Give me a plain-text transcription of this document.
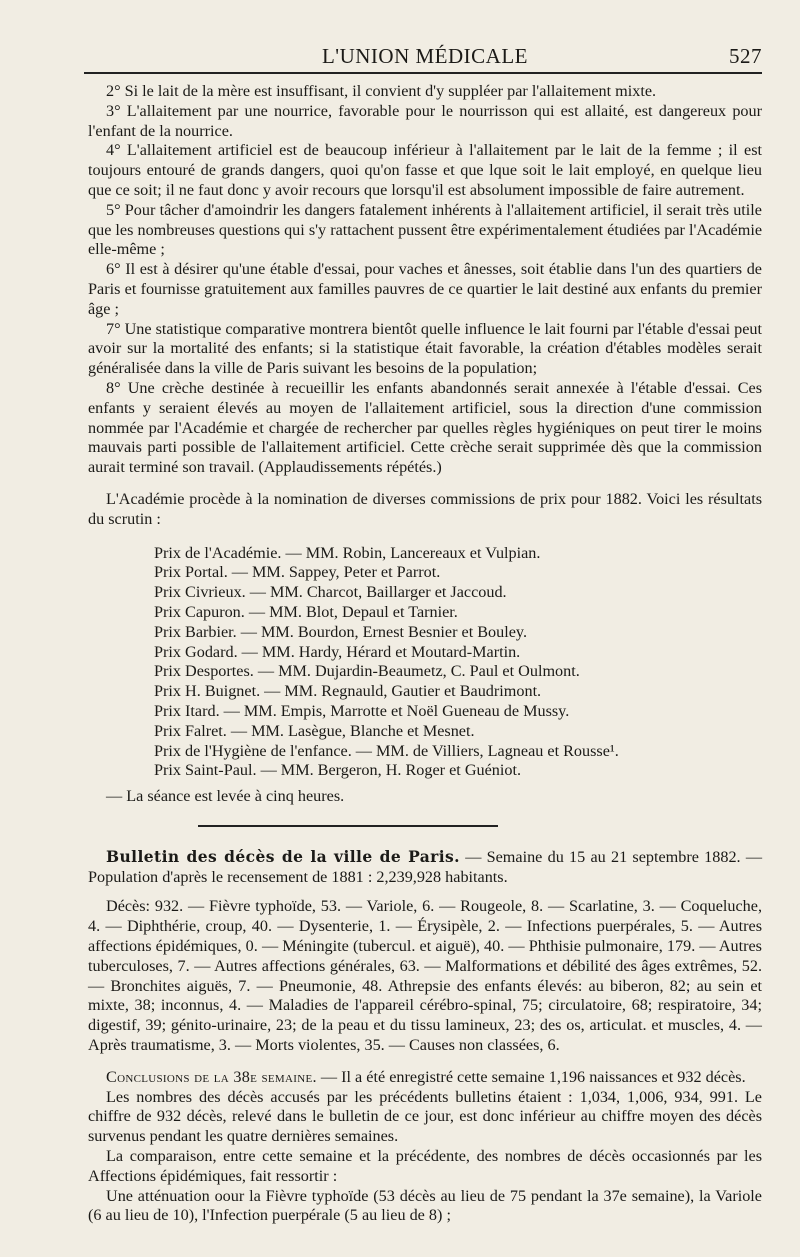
L'UNION MÉDICALE	527

2° Si le lait de la mère est insuffisant, il convient d'y suppléer par l'allaitement mixte.

3° L'allaitement par une nourrice, favorable pour le nourrisson qui est allaité, est dangereux pour l'enfant de la nourrice.

4° L'allaitement artificiel est de beaucoup inférieur à l'allaitement par le lait de la femme ; il est toujours entouré de grands dangers, quoi qu'on fasse et que lque soit le lait employé, en quelque lieu que ce soit; il ne faut donc y avoir recours que lorsqu'il est absolument impossible de faire autrement.

5° Pour tâcher d'amoindrir les dangers fatalement inhérents à l'allaitement artificiel, il serait très utile que les nombreuses questions qui s'y rattachent pussent être expérimentalement étudiées par l'Académie elle-même ;

6° Il est à désirer qu'une étable d'essai, pour vaches et ânesses, soit établie dans l'un des quartiers de Paris et fournisse gratuitement aux familles pauvres de ce quartier le lait destiné aux enfants du premier âge ;

7° Une statistique comparative montrera bientôt quelle influence le lait fourni par l'étable d'essai peut avoir sur la mortalité des enfants; si la statistique était favorable, la création d'étables modèles serait généralisée dans la ville de Paris suivant les besoins de la population;

8° Une crèche destinée à recueillir les enfants abandonnés serait annexée à l'étable d'essai. Ces enfants y seraient élevés au moyen de l'allaitement artificiel, sous la direction d'une commission nommée par l'Académie et chargée de rechercher par quelles règles hygiéniques on peut tirer le moins mauvais parti possible de l'allaitement artificiel. Cette crèche serait supprimée dès que la commission aurait terminé son travail. (Applaudissements répétés.)

L'Académie procède à la nomination de diverses commissions de prix pour 1882. Voici les résultats du scrutin :

Prix de l'Académie. — MM. Robin, Lancereaux et Vulpian.
Prix Portal. — MM. Sappey, Peter et Parrot.
Prix Civrieux. — MM. Charcot, Baillarger et Jaccoud.
Prix Capuron. — MM. Blot, Depaul et Tarnier.
Prix Barbier. — MM. Bourdon, Ernest Besnier et Bouley.
Prix Godard. — MM. Hardy, Hérard et Moutard-Martin.
Prix Desportes. — MM. Dujardin-Beaumetz, C. Paul et Oulmont.
Prix H. Buignet. — MM. Regnauld, Gautier et Baudrimont.
Prix Itard. — MM. Empis, Marrotte et Noël Gueneau de Mussy.
Prix Falret. — MM. Lasègue, Blanche et Mesnet.
Prix de l'Hygiène de l'enfance. — MM. de Villiers, Lagneau et Rousse¹.
Prix Saint-Paul. — MM. Bergeron, H. Roger et Guéniot.
— La séance est levée à cinq heures.

Bulletin des décès de la ville de Paris. — Semaine du 15 au 21 septembre 1882. — Population d'après le recensement de 1881 : 2,239,928 habitants.

Décès: 932. — Fièvre typhoïde, 53. — Variole, 6. — Rougeole, 8. — Scarlatine, 3. — Coqueluche, 4. — Diphthérie, croup, 40. — Dysenterie, 1. — Érysipèle, 2. — Infections puerpérales, 5. — Autres affections épidémiques, 0. — Méningite (tubercul. et aiguë), 40. — Phthisie pulmonaire, 179. — Autres tuberculoses, 7. — Autres affections générales, 63. — Malformations et débilité des âges extrêmes, 52. — Bronchites aiguës, 7. — Pneumonie, 48. Athrepsie des enfants élevés: au biberon, 82; au sein et mixte, 38; inconnus, 4. — Maladies de l'appareil cérébro-spinal, 75; circulatoire, 68; respiratoire, 34; digestif, 39; génito-urinaire, 23; de la peau et du tissu lamineux, 23; des os, articulat. et muscles, 4. — Après traumatisme, 3. — Morts violentes, 35. — Causes non classées, 6.

Conclusions de la 38e semaine. — Il a été enregistré cette semaine 1,196 naissances et 932 décès.

Les nombres des décès accusés par les précédents bulletins étaient : 1,034, 1,006, 934, 991. Le chiffre de 932 décès, relevé dans le bulletin de ce jour, est donc inférieur au chiffre moyen des décès survenus pendant les quatre dernières semaines.

La comparaison, entre cette semaine et la précédente, des nombres de décès occasionnés par les Affections épidémiques, fait ressortir :

Une atténuation oour la Fièvre typhoïde (53 décès au lieu de 75 pendant la 37e semaine), la Variole (6 au lieu de 10), l'Infection puerpérale (5 au lieu de 8) ;
